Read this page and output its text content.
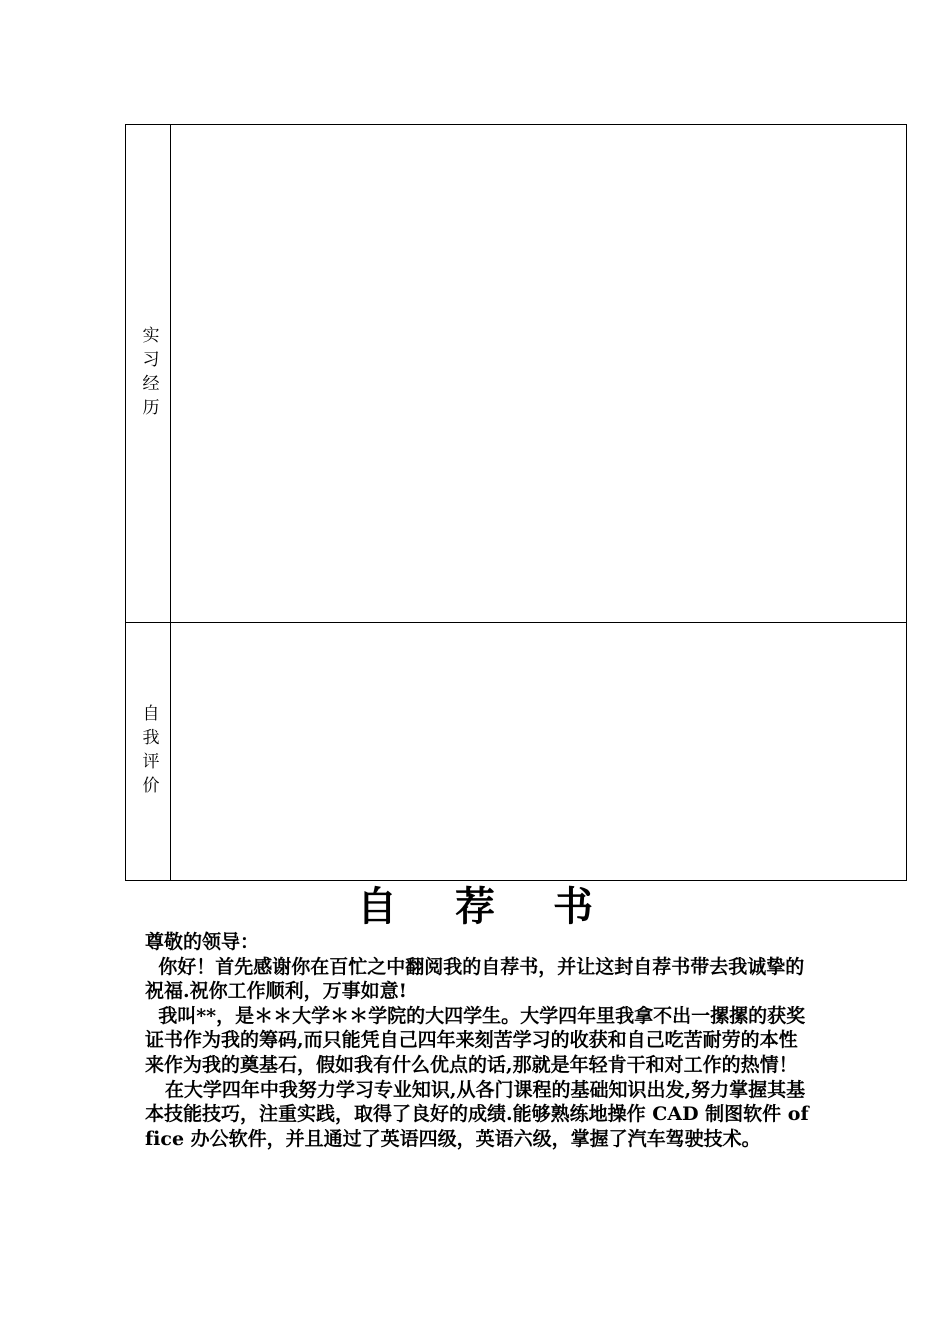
实习经历
自我评价
自荐书

尊敬的领导：

你好！首先感谢你在百忙之中翻阅我的自荐书，并让这封自荐书带去我诚挚的祝福.祝你工作顺利，万事如意!

我叫**，是＊＊大学＊＊学院的大四学生。大学四年里我拿不出一摞摞的获奖证书作为我的筹码,而只能凭自己四年来刻苦学习的收获和自己吃苦耐劳的本性来作为我的奠基石，假如我有什么优点的话,那就是年轻肯干和对工作的热情！

在大学四年中我努力学习专业知识,从各门课程的基础知识出发,努力掌握其基本技能技巧，注重实践，取得了良好的成绩.能够熟练地操作 CAD 制图软件 office 办公软件，并且通过了英语四级，英语六级，掌握了汽车驾驶技术。
